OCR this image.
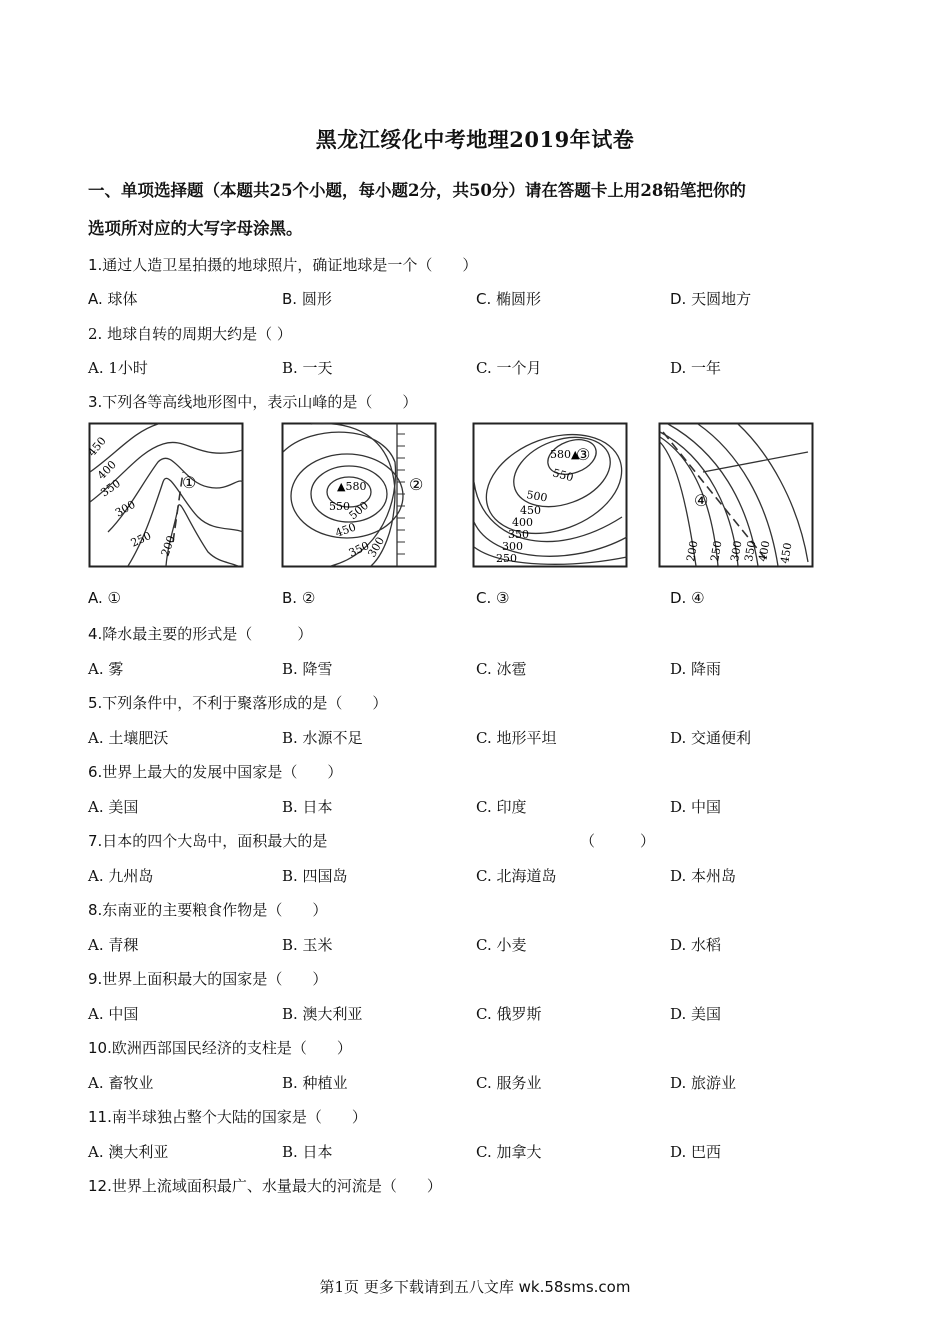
黑龙江绥化中考地理2019年试卷
一、单项选择题（本题共25个小题，每小题2分，共50分）请在答题卡上用28铅笔把你的
选项所对应的大写字母涂黑。
1.通过人造卫星拍摄的地球照片，确证地球是一个（　　）
A. 球体	B. 圆形	C. 椭圆形	D. 天圆地方
2. 地球自转的周期大约是（ ）
A. 1小时	B. 一天	C. 一个月	D. 一年
3.下列各等高线地形图中，表示山峰的是（　　）
450
400
350
300
250 200
①	▲580
550
500
450
350
300
②
580▲
550
500
450
400
350
300
250
③
200 250 300
350
400 450
④
A. ①	B. ②	C. ③	D. ④
4.降水最主要的形式是（　　　）
A. 雾	B. 降雪	C. 冰雹	D. 降雨
5.下列条件中，不利于聚落形成的是（　　）
A. 土壤肥沃	B. 水源不足	C. 地形平坦	D. 交通便利
6.世界上最大的发展中国家是（　　）
A. 美国	B. 日本	C. 印度	D. 中国
7.日本的四个大岛中，面积最大的是	（　　　）
A. 九州岛	B. 四国岛	C. 北海道岛	D. 本州岛
8.东南亚的主要粮食作物是（　　）
A. 青稞	B. 玉米	C. 小麦	D. 水稻
9.世界上面积最大的国家是（　　）
A. 中国	B. 澳大利亚	C. 俄罗斯	D. 美国
10.欧洲西部国民经济的支柱是（　　）
A. 畜牧业	B. 种植业	C. 服务业	D. 旅游业
11.南半球独占整个大陆的国家是（　　）
A. 澳大利亚	B. 日本	C. 加拿大	D. 巴西
12.世界上流域面积最广、水量最大的河流是（　　）
第1页 更多下载请到五八文库 wk.58sms.com
